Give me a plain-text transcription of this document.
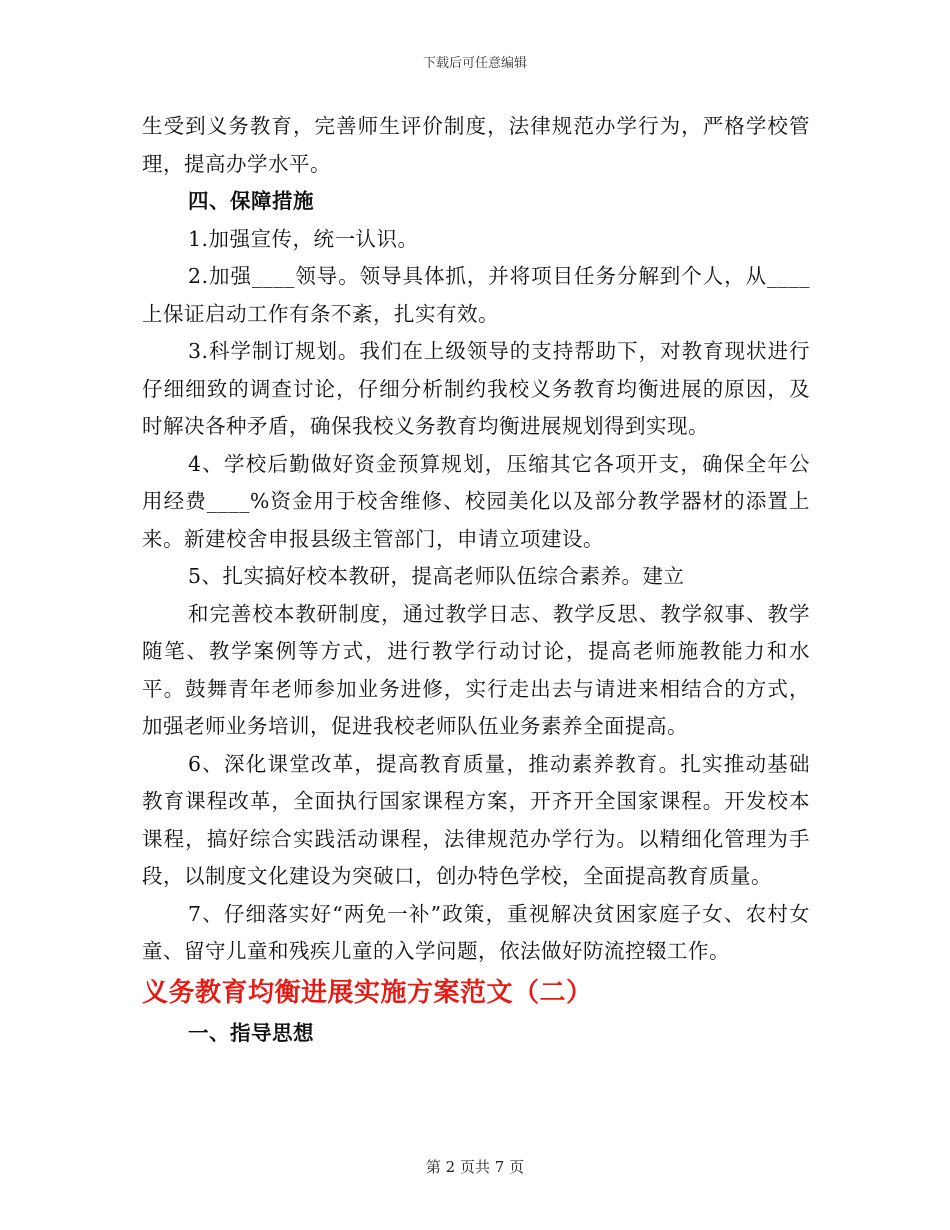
下载后可任意编辑

生受到义务教育，完善师生评价制度，法律规范办学行为，严格学校管理，提高办学水平。

四、保障措施

1.加强宣传，统一认识。

2.加强____领导。领导具体抓，并将项目任务分解到个人，从____上保证启动工作有条不紊，扎实有效。

3.科学制订规划。我们在上级领导的支持帮助下，对教育现状进行仔细细致的调查讨论，仔细分析制约我校义务教育均衡进展的原因，及时解决各种矛盾，确保我校义务教育均衡进展规划得到实现。

4、学校后勤做好资金预算规划，压缩其它各项开支，确保全年公用经费____%资金用于校舍维修、校园美化以及部分教学器材的添置上来。新建校舍申报县级主管部门，申请立项建设。

5、扎实搞好校本教研，提高老师队伍综合素养。建立

和完善校本教研制度，通过教学日志、教学反思、教学叙事、教学随笔、教学案例等方式，进行教学行动讨论，提高老师施教能力和水平。鼓舞青年老师参加业务进修，实行走出去与请进来相结合的方式，加强老师业务培训，促进我校老师队伍业务素养全面提高。

6、深化课堂改革，提高教育质量，推动素养教育。扎实推动基础教育课程改革，全面执行国家课程方案，开齐开全国家课程。开发校本课程，搞好综合实践活动课程，法律规范办学行为。以精细化管理为手段，以制度文化建设为突破口，创办特色学校，全面提高教育质量。

7、仔细落实好“两免一补”政策，重视解决贫困家庭子女、农村女童、留守儿童和残疾儿童的入学问题，依法做好防流控辍工作。

义务教育均衡进展实施方案范文（二）

一、指导思想

第 2 页共 7 页
